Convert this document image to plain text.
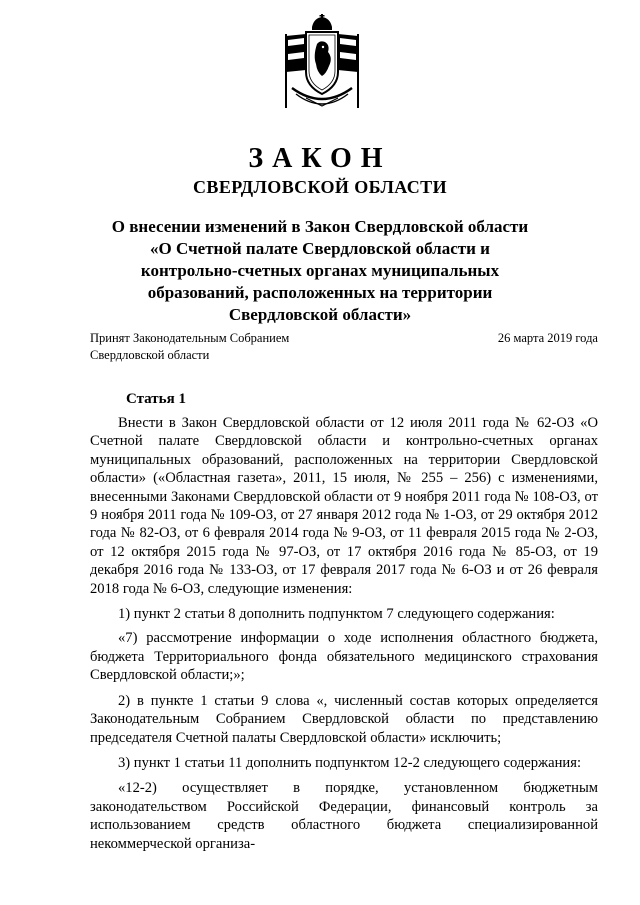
ЗАКОН
СВЕРДЛОВСКОЙ ОБЛАСТИ
О внесении изменений в Закон Свердловской области
«О Счетной палате Свердловской области и
контрольно-счетных органах муниципальных
образований, расположенных на территории
Свердловской области»
Принят Законодательным Собранием
Свердловской области
26 марта 2019 года
Статья 1

Внести в Закон Свердловской области от 12 июля 2011 года № 62-ОЗ «О Счетной палате Свердловской области и контрольно-счетных органах муниципальных образований, расположенных на территории Свердловской области» («Областная газета», 2011, 15 июля, № 255 – 256) с изменениями, внесенными Законами Свердловской области от 9 ноября 2011 года № 108-ОЗ, от 9 ноября 2011 года № 109-ОЗ, от 27 января 2012 года № 1-ОЗ, от 29 октября 2012 года № 82-ОЗ, от 6 февраля 2014 года № 9-ОЗ, от 11 февраля 2015 года № 2-ОЗ, от 12 октября 2015 года № 97-ОЗ, от 17 октября 2016 года № 85-ОЗ, от 19 декабря 2016 года № 133-ОЗ, от 17 февраля 2017 года № 6-ОЗ и от 26 февраля 2018 года № 6-ОЗ, следующие изменения:

1) пункт 2 статьи 8 дополнить подпунктом 7 следующего содержания:

«7) рассмотрение информации о ходе исполнения областного бюджета, бюджета Территориального фонда обязательного медицинского страхования Свердловской области;»;

2) в пункте 1 статьи 9 слова «, численный состав которых определяется Законодательным Собранием Свердловской области по представлению председателя Счетной палаты Свердловской области» исключить;

3) пункт 1 статьи 11 дополнить подпунктом 12-2 следующего содержания:

«12-2) осуществляет в порядке, установленном бюджетным законодательством Российской Федерации, финансовый контроль за использованием средств областного бюджета специализированной некоммерческой организа-
